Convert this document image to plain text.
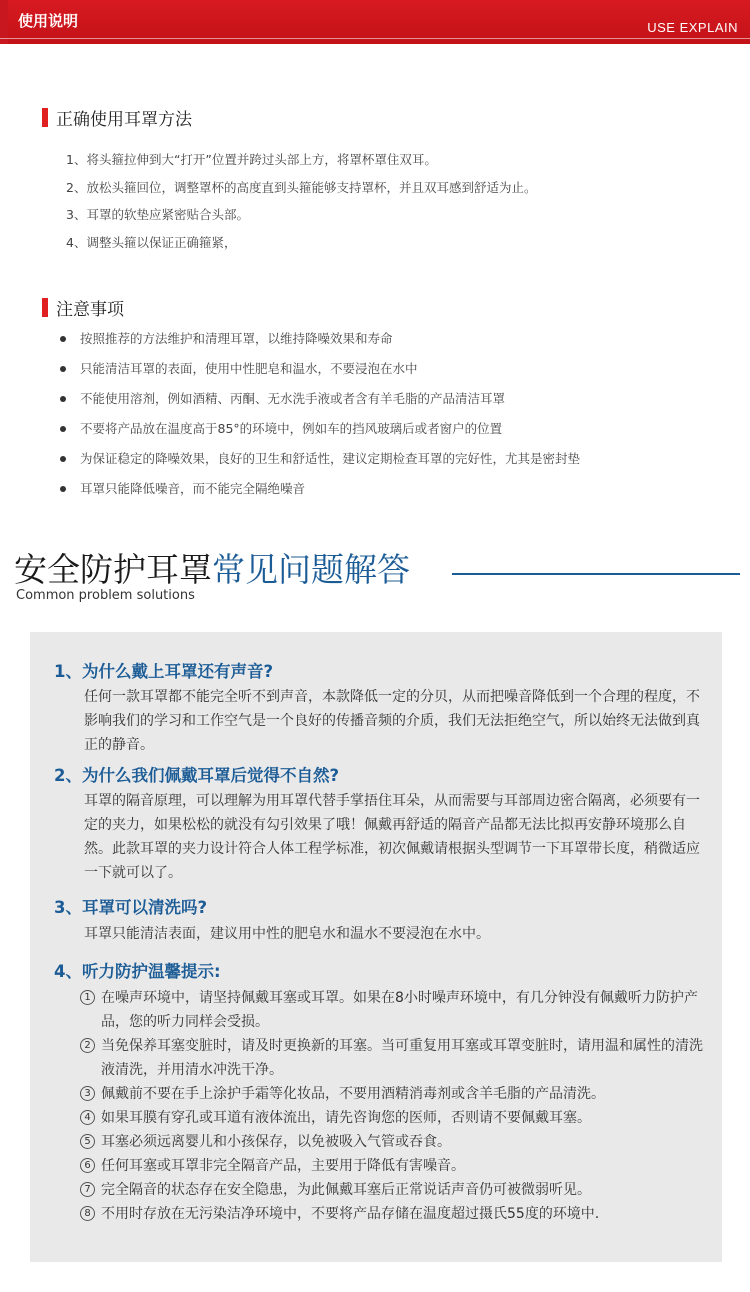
使用说明	USE EXPLAIN
正确使用耳罩方法
1、将头箍拉伸到大“打开”位置并跨过头部上方，将罩杯罩住双耳。
2、放松头箍回位，调整罩杯的高度直到头箍能够支持罩杯，并且双耳感到舒适为止。
3、耳罩的软垫应紧密贴合头部。
4、调整头箍以保证正确箍紧，
注意事项
按照推荐的方法维护和清理耳罩，以维持降噪效果和寿命
只能清洁耳罩的表面，使用中性肥皂和温水，不要浸泡在水中
不能使用溶剂，例如酒精、丙酮、无水洗手液或者含有羊毛脂的产品清洁耳罩
不要将产品放在温度高于85°的环境中，例如车的挡风玻璃后或者窗户的位置
为保证稳定的降噪效果，良好的卫生和舒适性，建议定期检查耳罩的完好性，尤其是密封垫
耳罩只能降低噪音，而不能完全隔绝噪音
安全防护耳罩常见问题解答
Common problem solutions
1、为什么戴上耳罩还有声音?
任何一款耳罩都不能完全听不到声音，本款降低一定的分贝，从而把噪音降低到一个合理的程度，不影响我们的学习和工作空气是一个良好的传播音频的介质，我们无法拒绝空气，所以始终无法做到真正的静音。
2、为什么我们佩戴耳罩后觉得不自然?
耳罩的隔音原理，可以理解为用耳罩代替手掌捂住耳朵，从而需要与耳部周边密合隔离，必须要有一定的夹力，如果松松的就没有勾引效果了哦！佩戴再舒适的隔音产品都无法比拟再安静环境那么自然。此款耳罩的夹力设计符合人体工程学标准，初次佩戴请根据头型调节一下耳罩带长度，稍微适应一下就可以了。
3、耳罩可以清洗吗?
耳罩只能清洁表面，建议用中性的肥皂水和温水不要浸泡在水中。
4、听力防护温馨提示:
1 在噪声环境中，请坚持佩戴耳塞或耳罩。如果在8小时噪声环境中，有几分钟没有佩戴听力防护产品，您的听力同样会受损。
2 当免保养耳塞变脏时，请及时更换新的耳塞。当可重复用耳塞或耳罩变脏时，请用温和属性的清洗液清洗，并用清水冲洗干净。
3 佩戴前不要在手上涂护手霜等化妆品，不要用酒精消毒剂或含羊毛脂的产品清洗。
4 如果耳膜有穿孔或耳道有液体流出，请先咨询您的医师，否则请不要佩戴耳塞。
5 耳塞必须远离婴儿和小孩保存，以免被吸入气管或吞食。
6 任何耳塞或耳罩非完全隔音产品，主要用于降低有害噪音。
7 完全隔音的状态存在安全隐患，为此佩戴耳塞后正常说话声音仍可被微弱听见。
8 不用时存放在无污染洁净环境中，不要将产品存储在温度超过摄氏55度的环境中.
